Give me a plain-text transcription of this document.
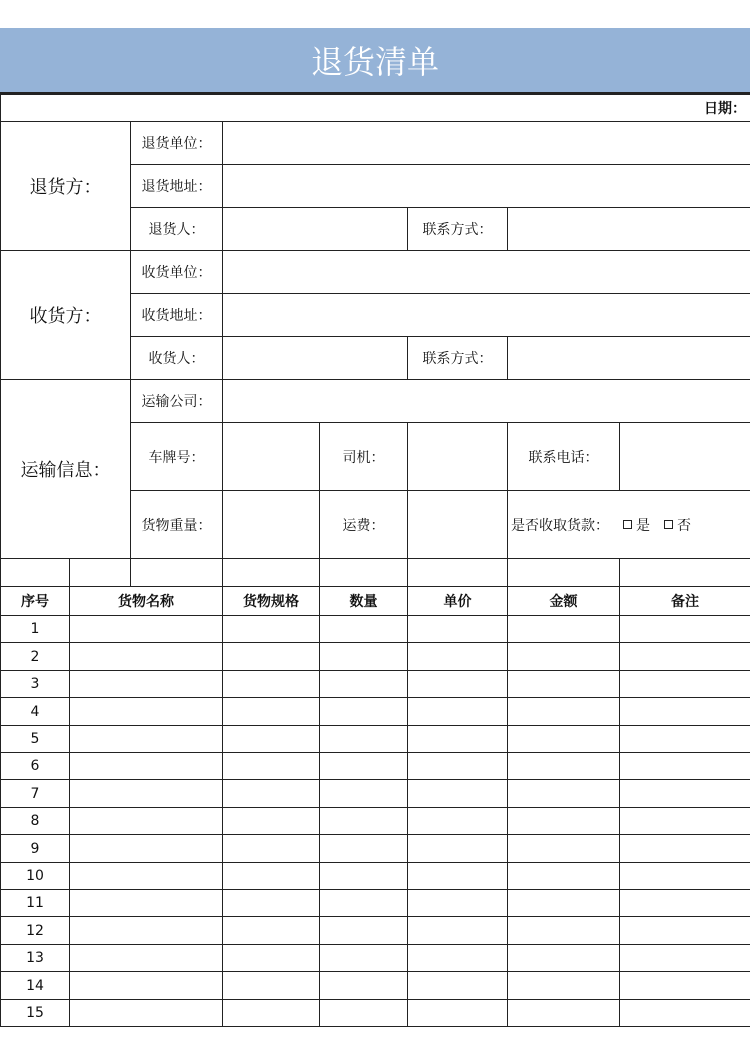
退货清单
日期：
退货方：
退货单位：
退货地址：
退货人：	联系方式：
收货方：
收货单位：
收货地址：
收货人：	联系方式：
运输信息：
运输公司：
车牌号：	司机：	联系电话：
货物重量：	运费：	是否收取货款： 是 否
序号	货物名称	货物规格	数量	单价	金额	备注
1
2
3
4
5
6
7
8
9
10
11
12
13
14
15
